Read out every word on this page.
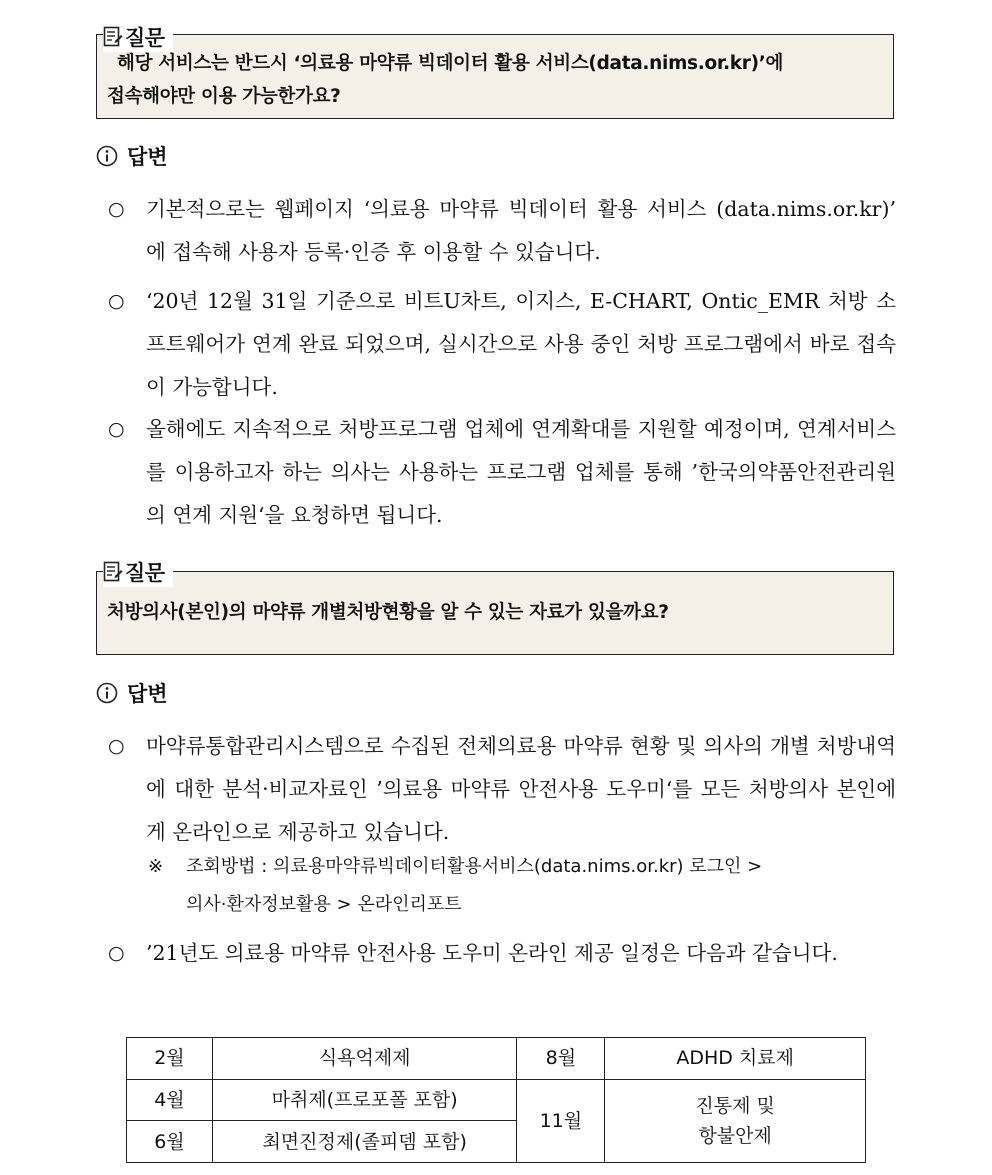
질문
해당 서비스는 반드시 ‘의료용 마약류 빅데이터 활용 서비스(data.nims.or.kr)’에
접속해야만 이용 가능한가요?
답변
○	기본적으로는 웹페이지 ‘의료용 마약류 빅데이터 활용 서비스 (data.nims.or.kr)’ 에 접속해 사용자 등록·인증 후 이용할 수 있습니다.
○	‘20년 12월 31일 기준으로 비트U차트, 이지스, E-CHART, Ontic_EMR 처방 소프트웨어가 연계 완료 되었으며, 실시간으로 사용 중인 처방 프로그램에서 바로 접속이 가능합니다.
○	올해에도 지속적으로 처방프로그램 업체에 연계확대를 지원할 예정이며, 연계서비스를 이용하고자 하는 의사는 사용하는 프로그램 업체를 통해 ’한국의약품안전관리원의 연계 지원‘을 요청하면 됩니다.
질문
처방의사(본인)의 마약류 개별처방현황을 알 수 있는 자료가 있을까요?
답변
○	마약류통합관리시스템으로 수집된 전체의료용 마약류 현황 및 의사의 개별 처방내역에 대한 분석·비교자료인 ’의료용 마약류 안전사용 도우미‘를 모든 처방의사 본인에게 온라인으로 제공하고 있습니다.
※	조회방법 : 의료용마약류빅데이터활용서비스(data.nims.or.kr) 로그인 >
의사·환자정보활용 > 온라인리포트
○	’21년도 의료용 마약류 안전사용 도우미 온라인 제공 일정은 다음과 같습니다.
2월	식욕억제제	8월	ADHD 치료제
4월	마취제(프로포폴 포함)	11월	진통제 및
항불안제

6월	최면진정제(졸피뎀 포함)		
